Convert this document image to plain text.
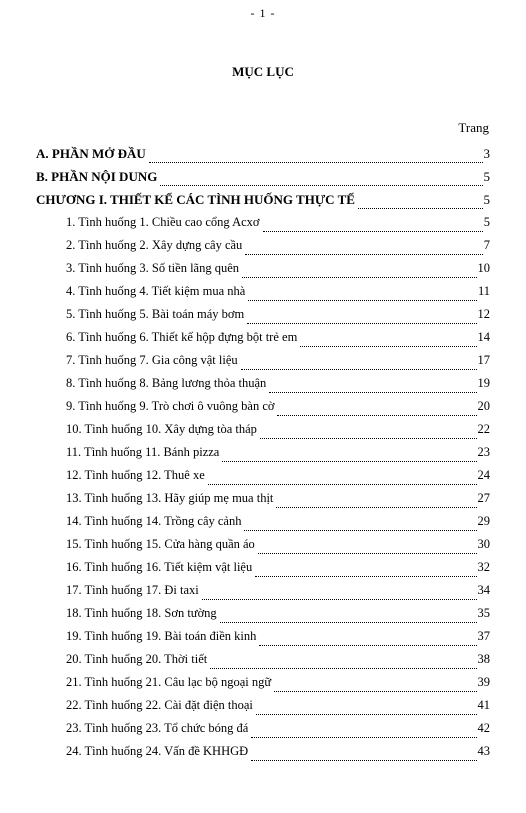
- 1 -
MỤC LỤC
Trang
A. PHẦN MỞ ĐẦU	3
B. PHẦN NỘI DUNG	5
CHƯƠNG I. THIẾT KẾ CÁC TÌNH HUỐNG THỰC TẾ	5
1. Tình huống 1. Chiều cao cổng Acxơ	5
2. Tình huống 2. Xây dựng cây cầu	7
3. Tình huống 3. Số tiền lãng quên	10
4. Tình huống 4. Tiết kiệm mua nhà	11
5. Tình huống 5. Bài toán máy bơm	12
6. Tình huống 6. Thiết kế hộp đựng bột trẻ em	14
7. Tình huống 7. Gia công vật liệu	17
8. Tình huống 8. Bảng lương thỏa thuận	19
9. Tình huống 9. Trò chơi ô vuông bàn cờ	20
10. Tình huống 10. Xây dựng tòa tháp	22
11. Tình huống 11. Bánh pizza	23
12. Tình huống 12. Thuê xe	24
13. Tình huống 13. Hãy giúp mẹ mua thịt	27
14. Tình huống 14. Trồng cây cảnh	29
15. Tình huống 15. Cửa hàng quần áo	30
16. Tình huống 16. Tiết kiệm vật liệu	32
17. Tình huống 17. Đi taxi	34
18. Tình huống 18. Sơn tường	35
19. Tình huống 19. Bài toán điền kinh	37
20. Tình huống 20. Thời tiết	38
21. Tình huống 21. Câu lạc bộ ngoại ngữ	39
22. Tình huống 22. Cài đặt điện thoại	41
23. Tình huống 23. Tổ chức bóng đá	42
24. Tình huống 24. Vấn đề KHHGĐ	43
